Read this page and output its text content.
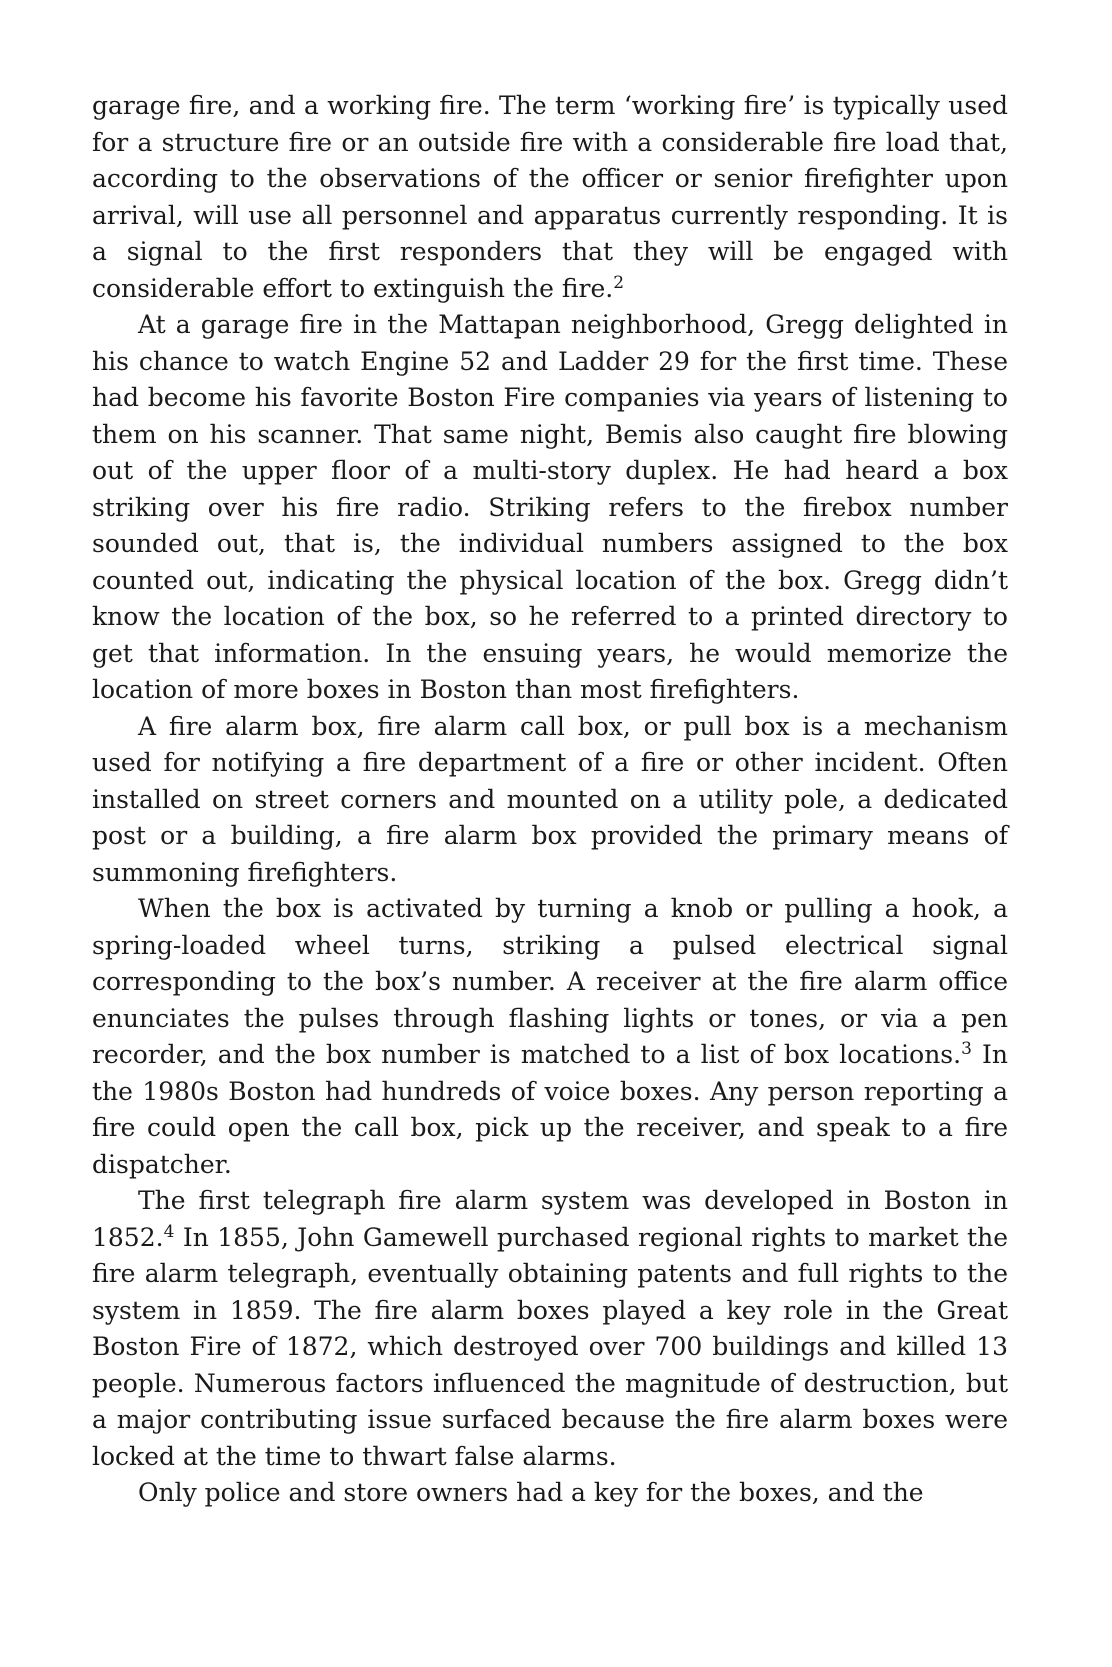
garage fire, and a working fire. The term ‘working fire’ is typically used for a structure fire or an outside fire with a considerable fire load that, according to the observations of the officer or senior firefighter upon arrival, will use all personnel and apparatus currently responding. It is a signal to the first responders that they will be engaged with considerable effort to extinguish the fire.$^2$

At a garage fire in the Mattapan neighborhood, Gregg delighted in his chance to watch Engine 52 and Ladder 29 for the first time. These had become his favorite Boston Fire companies via years of listening to them on his scanner. That same night, Bemis also caught fire blowing out of the upper floor of a multi-story duplex. He had heard a box striking over his fire radio. Striking refers to the firebox number sounded out, that is, the individual numbers assigned to the box counted out, indicating the physical location of the box. Gregg didn’t know the location of the box, so he referred to a printed directory to get that information. In the ensuing years, he would memorize the location of more boxes in Boston than most firefighters.

A fire alarm box, fire alarm call box, or pull box is a mechanism used for notifying a fire department of a fire or other incident. Often installed on street corners and mounted on a utility pole, a dedicated post or a building, a fire alarm box provided the primary means of summoning firefighters.

When the box is activated by turning a knob or pulling a hook, a spring-loaded wheel turns, striking a pulsed electrical signal corresponding to the box’s number. A receiver at the fire alarm office enunciates the pulses through flashing lights or tones, or via a pen recorder, and the box number is matched to a list of box locations.$^3$ In the 1980s Boston had hundreds of voice boxes. Any person reporting a fire could open the call box, pick up the receiver, and speak to a fire dispatcher.

The first telegraph fire alarm system was developed in Boston in 1852.$^4$ In 1855, John Gamewell purchased regional rights to market the fire alarm telegraph, eventually obtaining patents and full rights to the system in 1859. The fire alarm boxes played a key role in the Great Boston Fire of 1872, which destroyed over 700 buildings and killed 13 people. Numerous factors influenced the magnitude of destruction, but a major contributing issue surfaced because the fire alarm boxes were locked at the time to thwart false alarms.

Only police and store owners had a key for the boxes, and the
